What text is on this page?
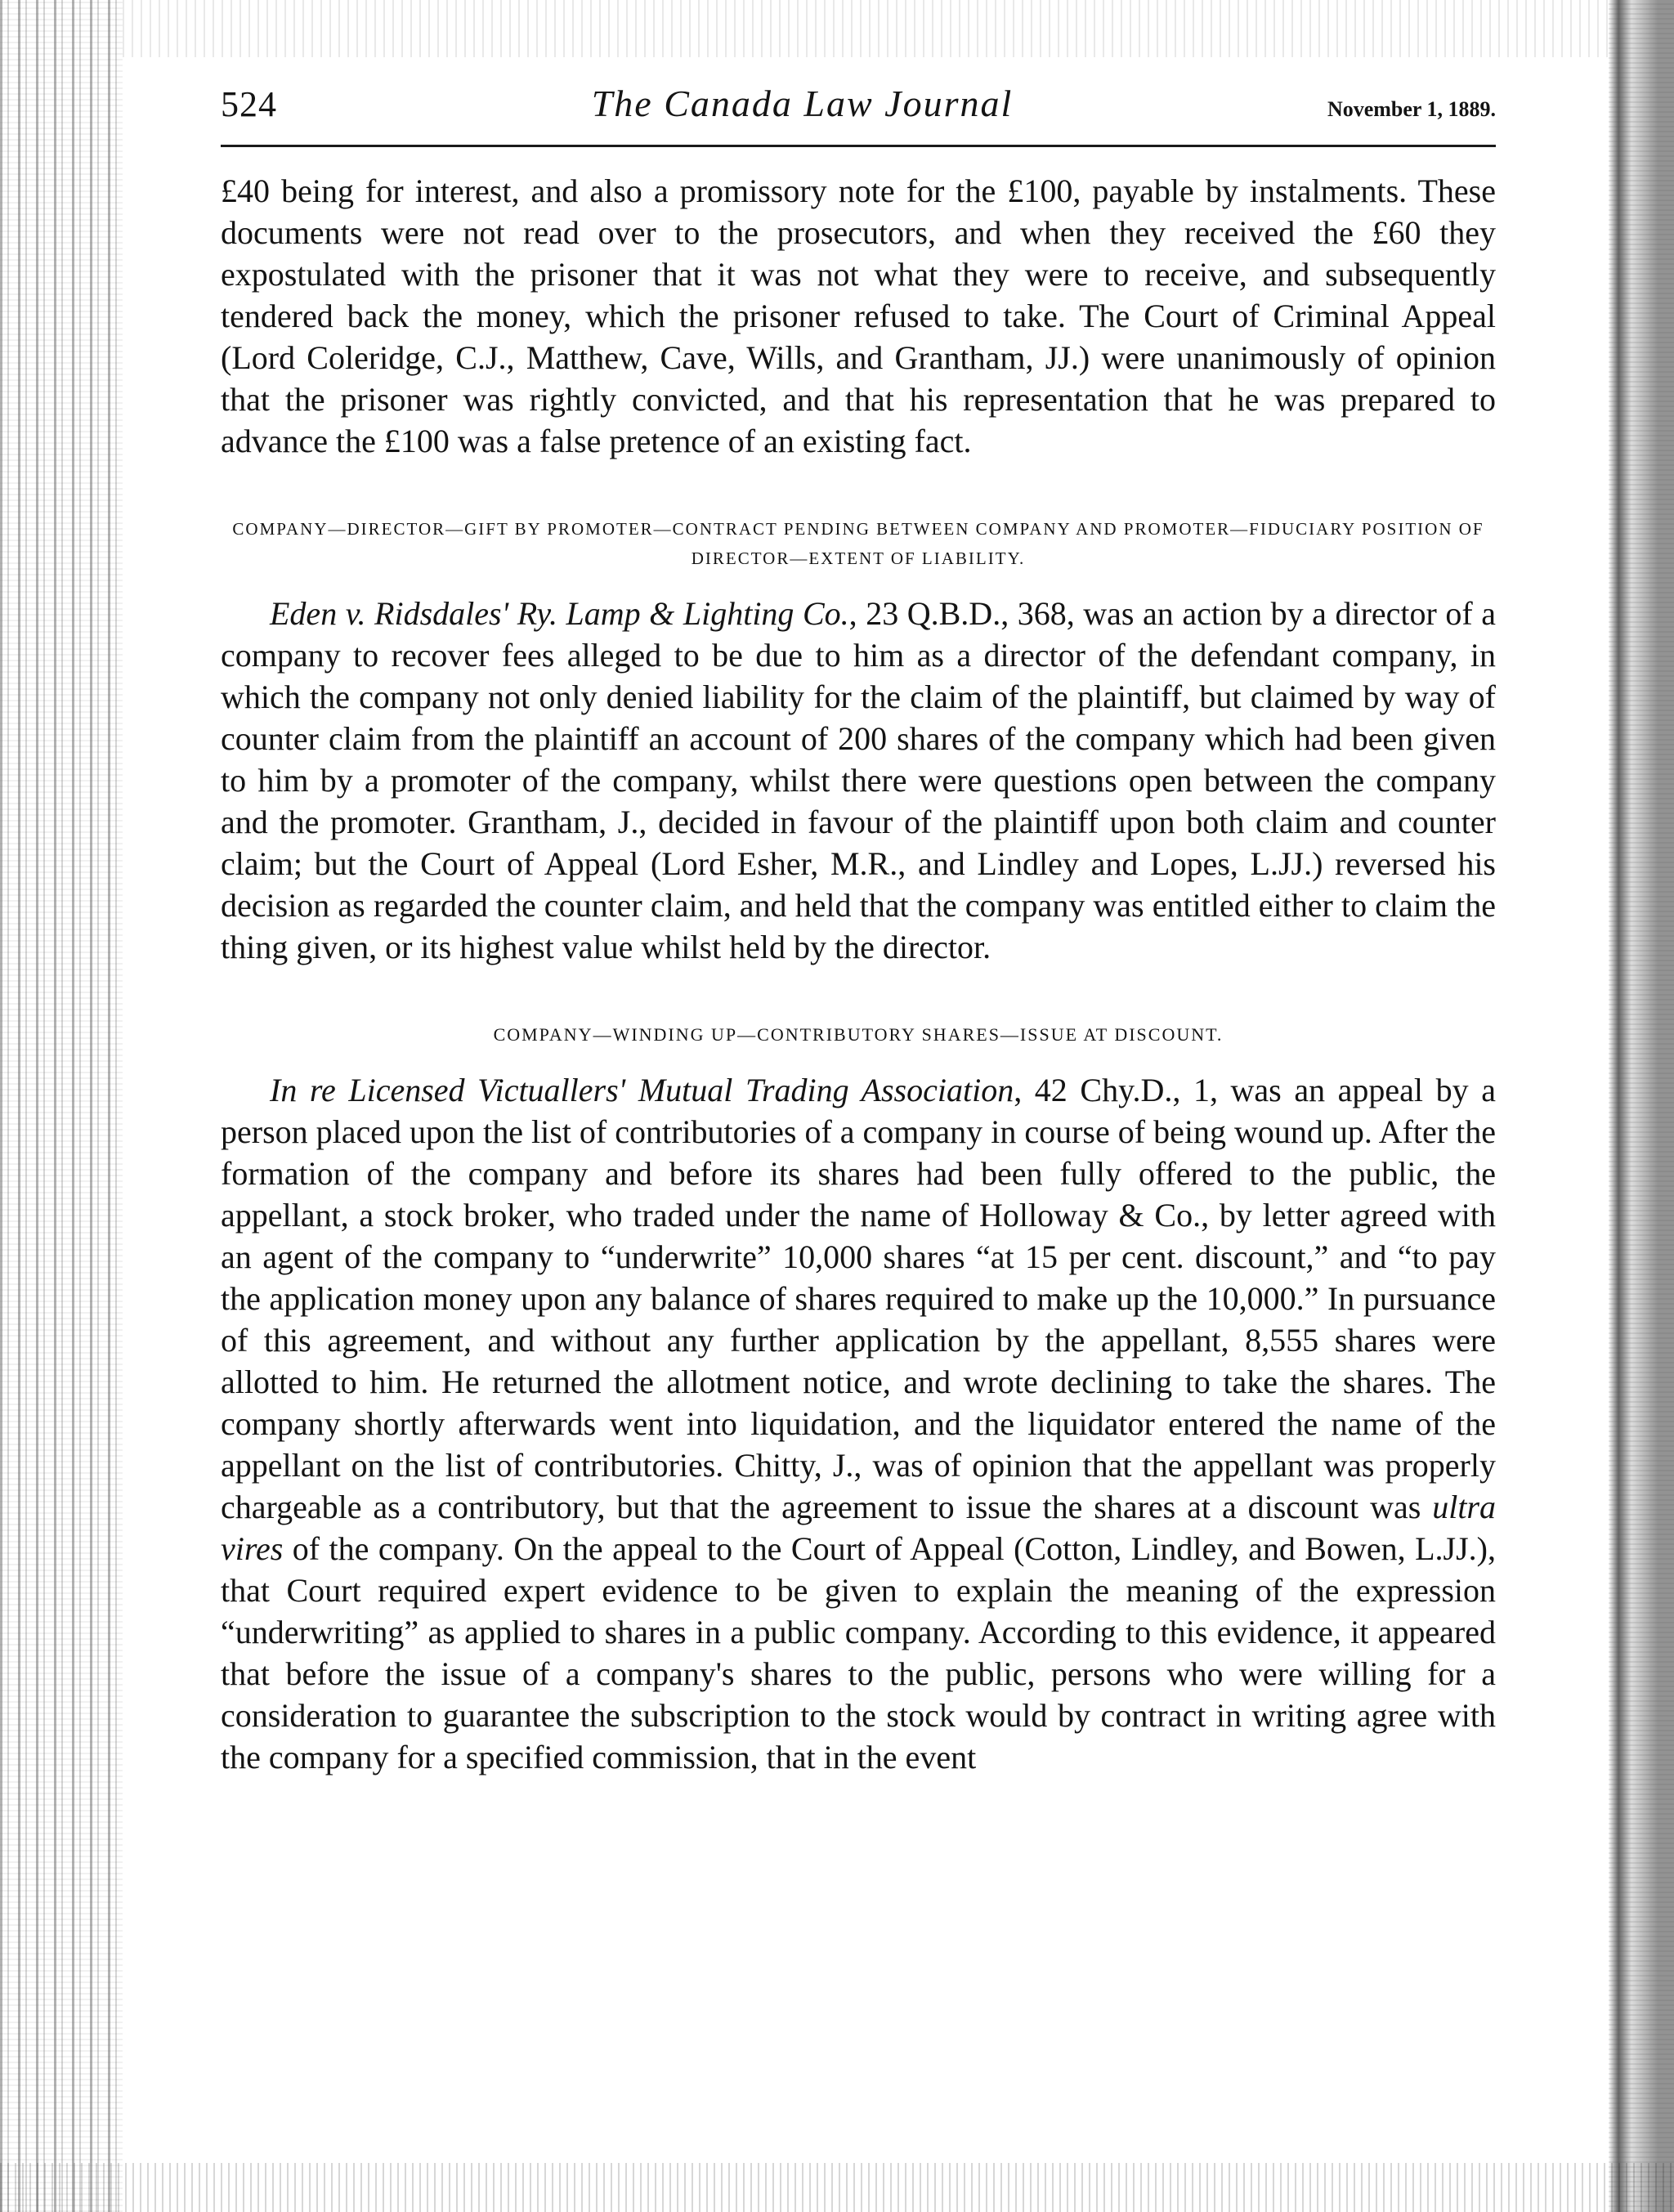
524	The Canada Law Journal	November 1, 1889.

£40 being for interest, and also a promissory note for the £100, payable by instalments. These documents were not read over to the prosecutors, and when they received the £60 they expostulated with the prisoner that it was not what they were to receive, and subsequently tendered back the money, which the prisoner refused to take. The Court of Criminal Appeal (Lord Coleridge, C.J., Matthew, Cave, Wills, and Grantham, JJ.) were unanimously of opinion that the prisoner was rightly convicted, and that his representation that he was prepared to advance the £100 was a false pretence of an existing fact.

COMPANY—DIRECTOR—GIFT BY PROMOTER—CONTRACT PENDING BETWEEN COMPANY AND PROMOTER—FIDUCIARY POSITION OF DIRECTOR—EXTENT OF LIABILITY.

Eden v. Ridsdales' Ry. Lamp & Lighting Co., 23 Q.B.D., 368, was an action by a director of a company to recover fees alleged to be due to him as a director of the defendant company, in which the company not only denied liability for the claim of the plaintiff, but claimed by way of counter claim from the plaintiff an account of 200 shares of the company which had been given to him by a promoter of the company, whilst there were questions open between the company and the promoter. Grantham, J., decided in favour of the plaintiff upon both claim and counter claim; but the Court of Appeal (Lord Esher, M.R., and Lindley and Lopes, L.JJ.) reversed his decision as regarded the counter claim, and held that the company was entitled either to claim the thing given, or its highest value whilst held by the director.

COMPANY—WINDING UP—CONTRIBUTORY SHARES—ISSUE AT DISCOUNT.

In re Licensed Victuallers' Mutual Trading Association, 42 Chy.D., 1, was an appeal by a person placed upon the list of contributories of a company in course of being wound up. After the formation of the company and before its shares had been fully offered to the public, the appellant, a stock broker, who traded under the name of Holloway & Co., by letter agreed with an agent of the company to “underwrite” 10,000 shares “at 15 per cent. discount,” and “to pay the application money upon any balance of shares required to make up the 10,000.” In pursuance of this agreement, and without any further application by the appellant, 8,555 shares were allotted to him. He returned the allotment notice, and wrote declining to take the shares. The company shortly afterwards went into liquidation, and the liquidator entered the name of the appellant on the list of contributories. Chitty, J., was of opinion that the appellant was properly chargeable as a contributory, but that the agreement to issue the shares at a discount was ultra vires of the company. On the appeal to the Court of Appeal (Cotton, Lindley, and Bowen, L.JJ.), that Court required expert evidence to be given to explain the meaning of the expression “underwriting” as applied to shares in a public company. According to this evidence, it appeared that before the issue of a company's shares to the public, persons who were willing for a consideration to guarantee the subscription to the stock would by contract in writing agree with the company for a specified commission, that in the event
